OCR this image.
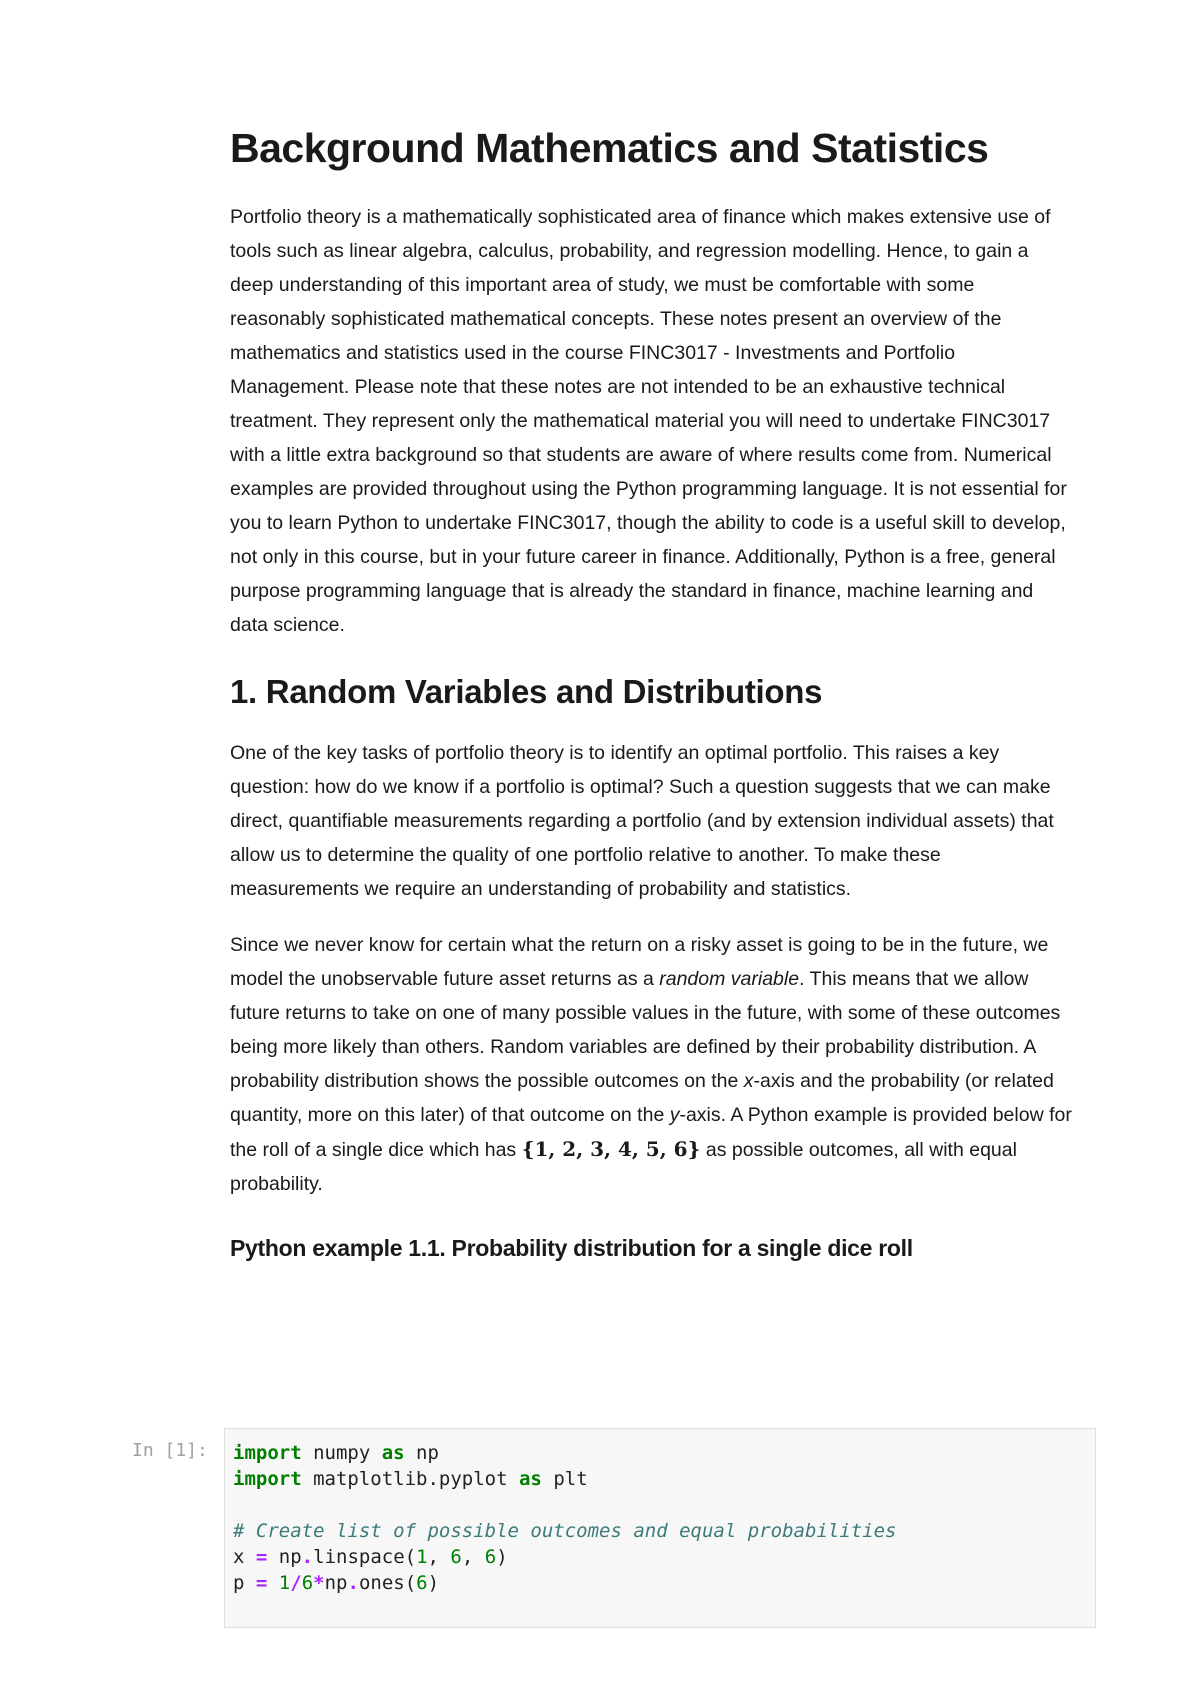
Background Mathematics and Statistics

Portfolio theory is a mathematically sophisticated area of finance which makes extensive use of tools such as linear algebra, calculus, probability, and regression modelling. Hence, to gain a deep understanding of this important area of study, we must be comfortable with some reasonably sophisticated mathematical concepts. These notes present an overview of the mathematics and statistics used in the course FINC3017 - Investments and Portfolio Management. Please note that these notes are not intended to be an exhaustive technical treatment. They represent only the mathematical material you will need to undertake FINC3017 with a little extra background so that students are aware of where results come from. Numerical examples are provided throughout using the Python programming language. It is not essential for you to learn Python to undertake FINC3017, though the ability to code is a useful skill to develop, not only in this course, but in your future career in finance. Additionally, Python is a free, general purpose programming language that is already the standard in finance, machine learning and data science.

1. Random Variables and Distributions

One of the key tasks of portfolio theory is to identify an optimal portfolio. This raises a key question: how do we know if a portfolio is optimal? Such a question suggests that we can make direct, quantifiable measurements regarding a portfolio (and by extension individual assets) that allow us to determine the quality of one portfolio relative to another. To make these measurements we require an understanding of probability and statistics.

Since we never know for certain what the return on a risky asset is going to be in the future, we model the unobservable future asset returns as a random variable. This means that we allow future returns to take on one of many possible values in the future, with some of these outcomes being more likely than others. Random variables are defined by their probability distribution. A probability distribution shows the possible outcomes on the x-axis and the probability (or related quantity, more on this later) of that outcome on the y-axis. A Python example is provided below for the roll of a single dice which has {1, 2, 3, 4, 5, 6} as possible outcomes, all with equal probability.

Python example 1.1. Probability distribution for a single dice roll
In [1]: import numpy as np
import matplotlib.pyplot as plt
# Create list of possible outcomes and equal probabilities
x = np.linspace(1, 6, 6)
p = 1/6*np.ones(6)
